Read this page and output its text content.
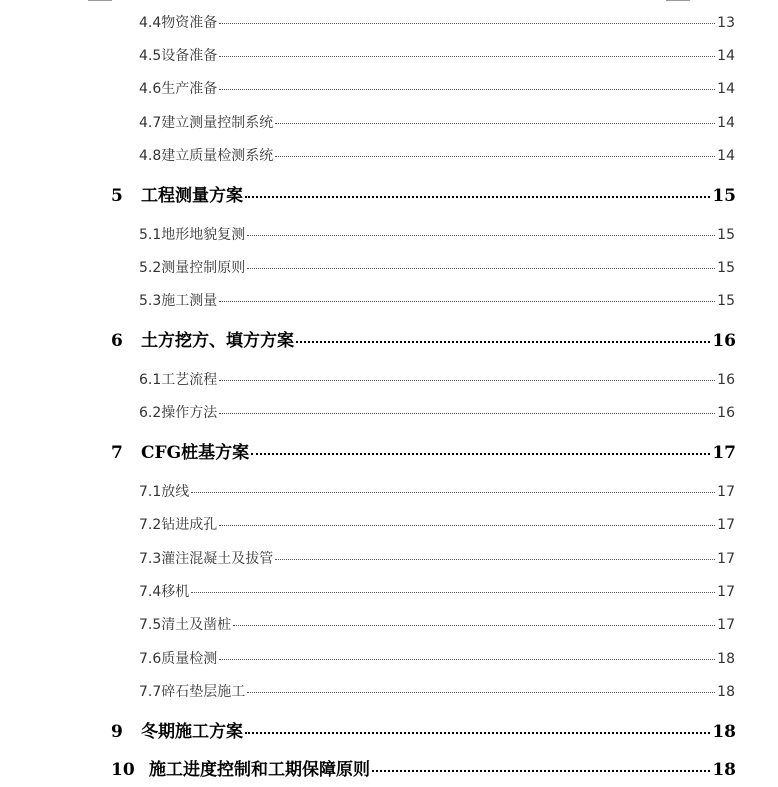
4.4物资准备	13
4.5设备准备	14
4.6生产准备	14
4.7建立测量控制系统	14
4.8建立质量检测系统	14
5	工程测量方案	15
5.1地形地貌复测	15
5.2测量控制原则	15
5.3施工测量	15
6	土方挖方、填方方案	16
6.1工艺流程	16
6.2操作方法	16
7	CFG桩基方案	17
7.1放线	17
7.2钻进成孔	17
7.3灌注混凝土及拔管	17
7.4移机	17
7.5清土及凿桩	17
7.6质量检测	18
7.7碎石垫层施工	18
9	冬期施工方案	18
10 施工进度控制和工期保障原则	18
